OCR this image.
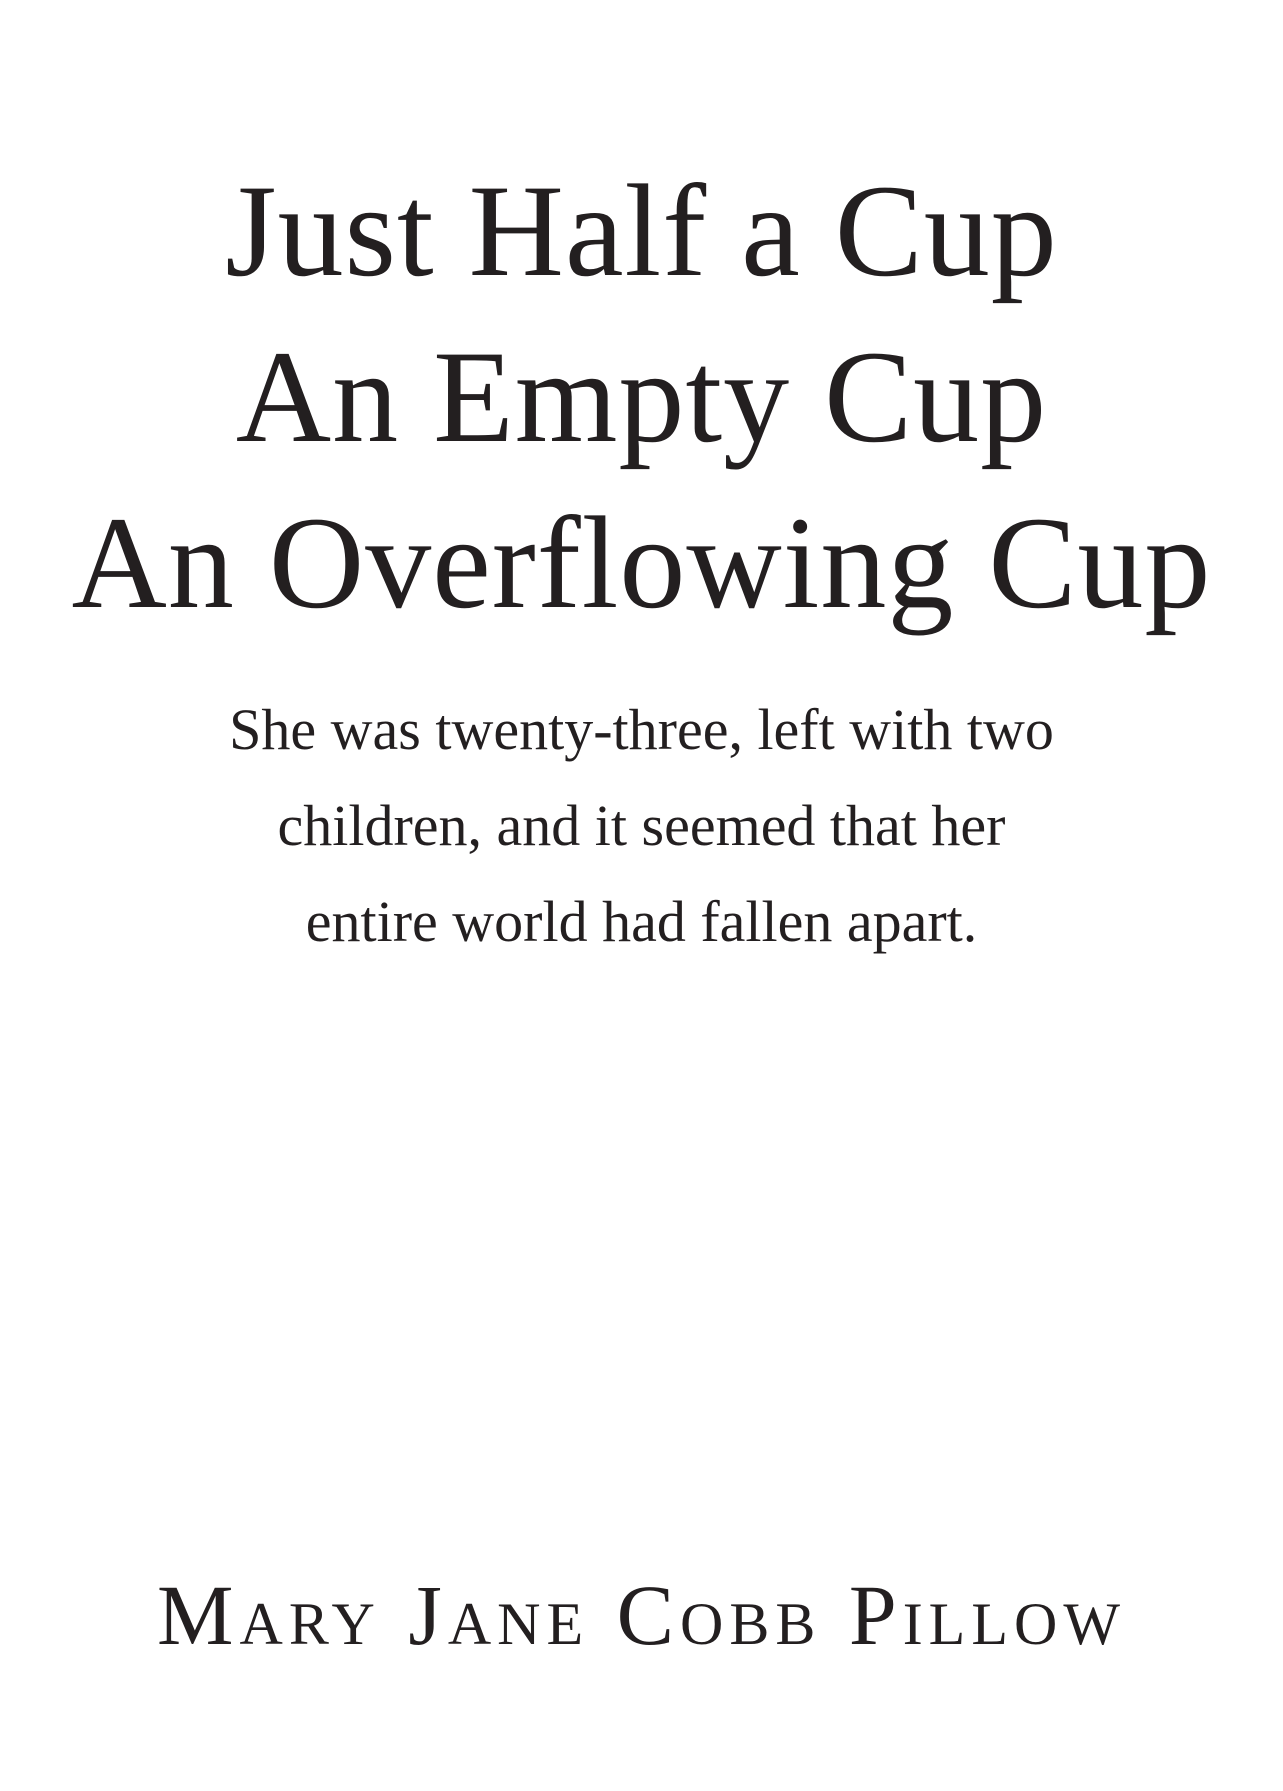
Just Half a Cup
An Empty Cup
An Overflowing Cup
She was twenty-three, left with two
children, and it seemed that her
entire world had fallen apart.
Mary Jane Cobb Pillow
